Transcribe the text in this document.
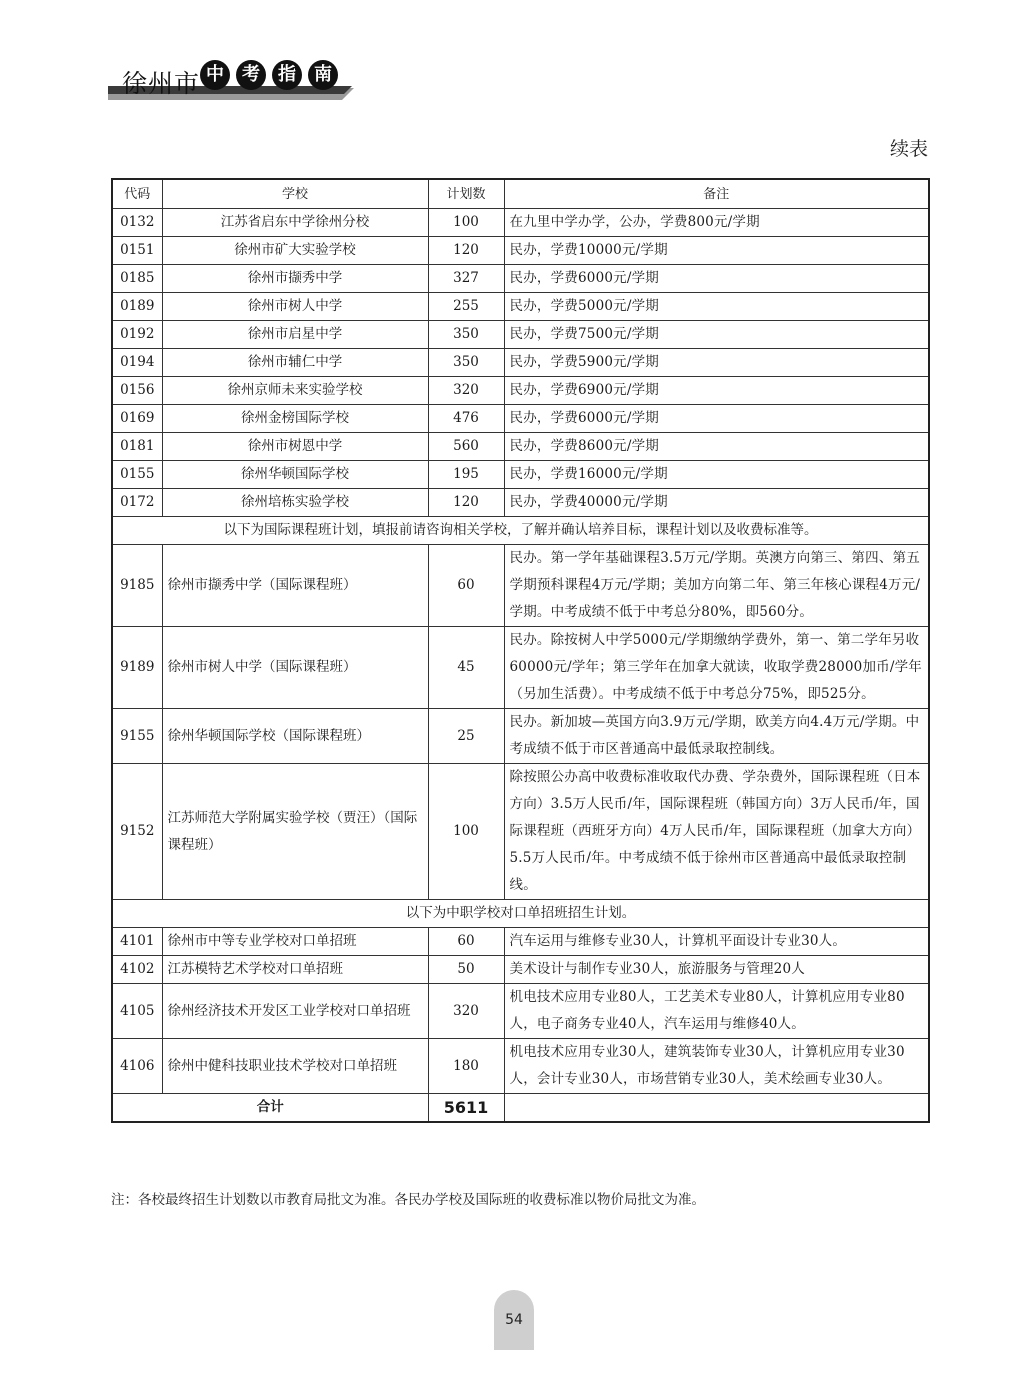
徐州市 中	考	指	南
续表
代码	学校	计划数	备注
0132	江苏省启东中学徐州分校	100	在九里中学办学，公办，学费800元/学期
0151	徐州市矿大实验学校	120	民办，学费10000元/学期
0185	徐州市撷秀中学	327	民办，学费6000元/学期
0189	徐州市树人中学	255	民办，学费5000元/学期
0192	徐州市启星中学	350	民办，学费7500元/学期
0194	徐州市辅仁中学	350	民办，学费5900元/学期
0156	徐州京师未来实验学校	320	民办，学费6900元/学期
0169	徐州金榜国际学校	476	民办，学费6000元/学期
0181	徐州市树恩中学	560	民办，学费8600元/学期
0155	徐州华顿国际学校	195	民办，学费16000元/学期
0172	徐州培栋实验学校	120	民办，学费40000元/学期
以下为国际课程班计划，填报前请咨询相关学校，了解并确认培养目标，课程计划以及收费标准等。			
9185	徐州市撷秀中学（国际课程班）	60	民办。第一学年基础课程3.5万元/学期。英澳方向第三、第四、第五学期预科课程4万元/学期；美加方向第二年、第三年核心课程4万元/学期。中考成绩不低于中考总分80%，即560分。
9189	徐州市树人中学（国际课程班）	45	民办。除按树人中学5000元/学期缴纳学费外，第一、第二学年另收60000元/学年；第三学年在加拿大就读，收取学费28000加币/学年（另加生活费）。中考成绩不低于中考总分75%，即525分。
9155	徐州华顿国际学校（国际课程班）	25	民办。新加坡—英国方向3.9万元/学期，欧美方向4.4万元/学期。中考成绩不低于市区普通高中最低录取控制线。
9152	江苏师范大学附属实验学校（贾汪）（国际课程班）	100	除按照公办高中收费标准收取代办费、学杂费外，国际课程班（日本方向）3.5万人民币/年，国际课程班（韩国方向）3万人民币/年，国际课程班（西班牙方向）4万人民币/年，国际课程班（加拿大方向）5.5万人民币/年。中考成绩不低于徐州市区普通高中最低录取控制线。
以下为中职学校对口单招班招生计划。			
4101	徐州市中等专业学校对口单招班	60	汽车运用与维修专业30人，计算机平面设计专业30人。
4102	江苏模特艺术学校对口单招班	50	美术设计与制作专业30人，旅游服务与管理20人
4105	徐州经济技术开发区工业学校对口单招班	320	机电技术应用专业80人，工艺美术专业80人，计算机应用专业80人，电子商务专业40人，汽车运用与维修40人。
4106	徐州中健科技职业技术学校对口单招班	180	机电技术应用专业30人，建筑装饰专业30人，计算机应用专业30人，会计专业30人，市场营销专业30人，美术绘画专业30人。
合计		5611	
注：各校最终招生计划数以市教育局批文为准。各民办学校及国际班的收费标准以物价局批文为准。
54
